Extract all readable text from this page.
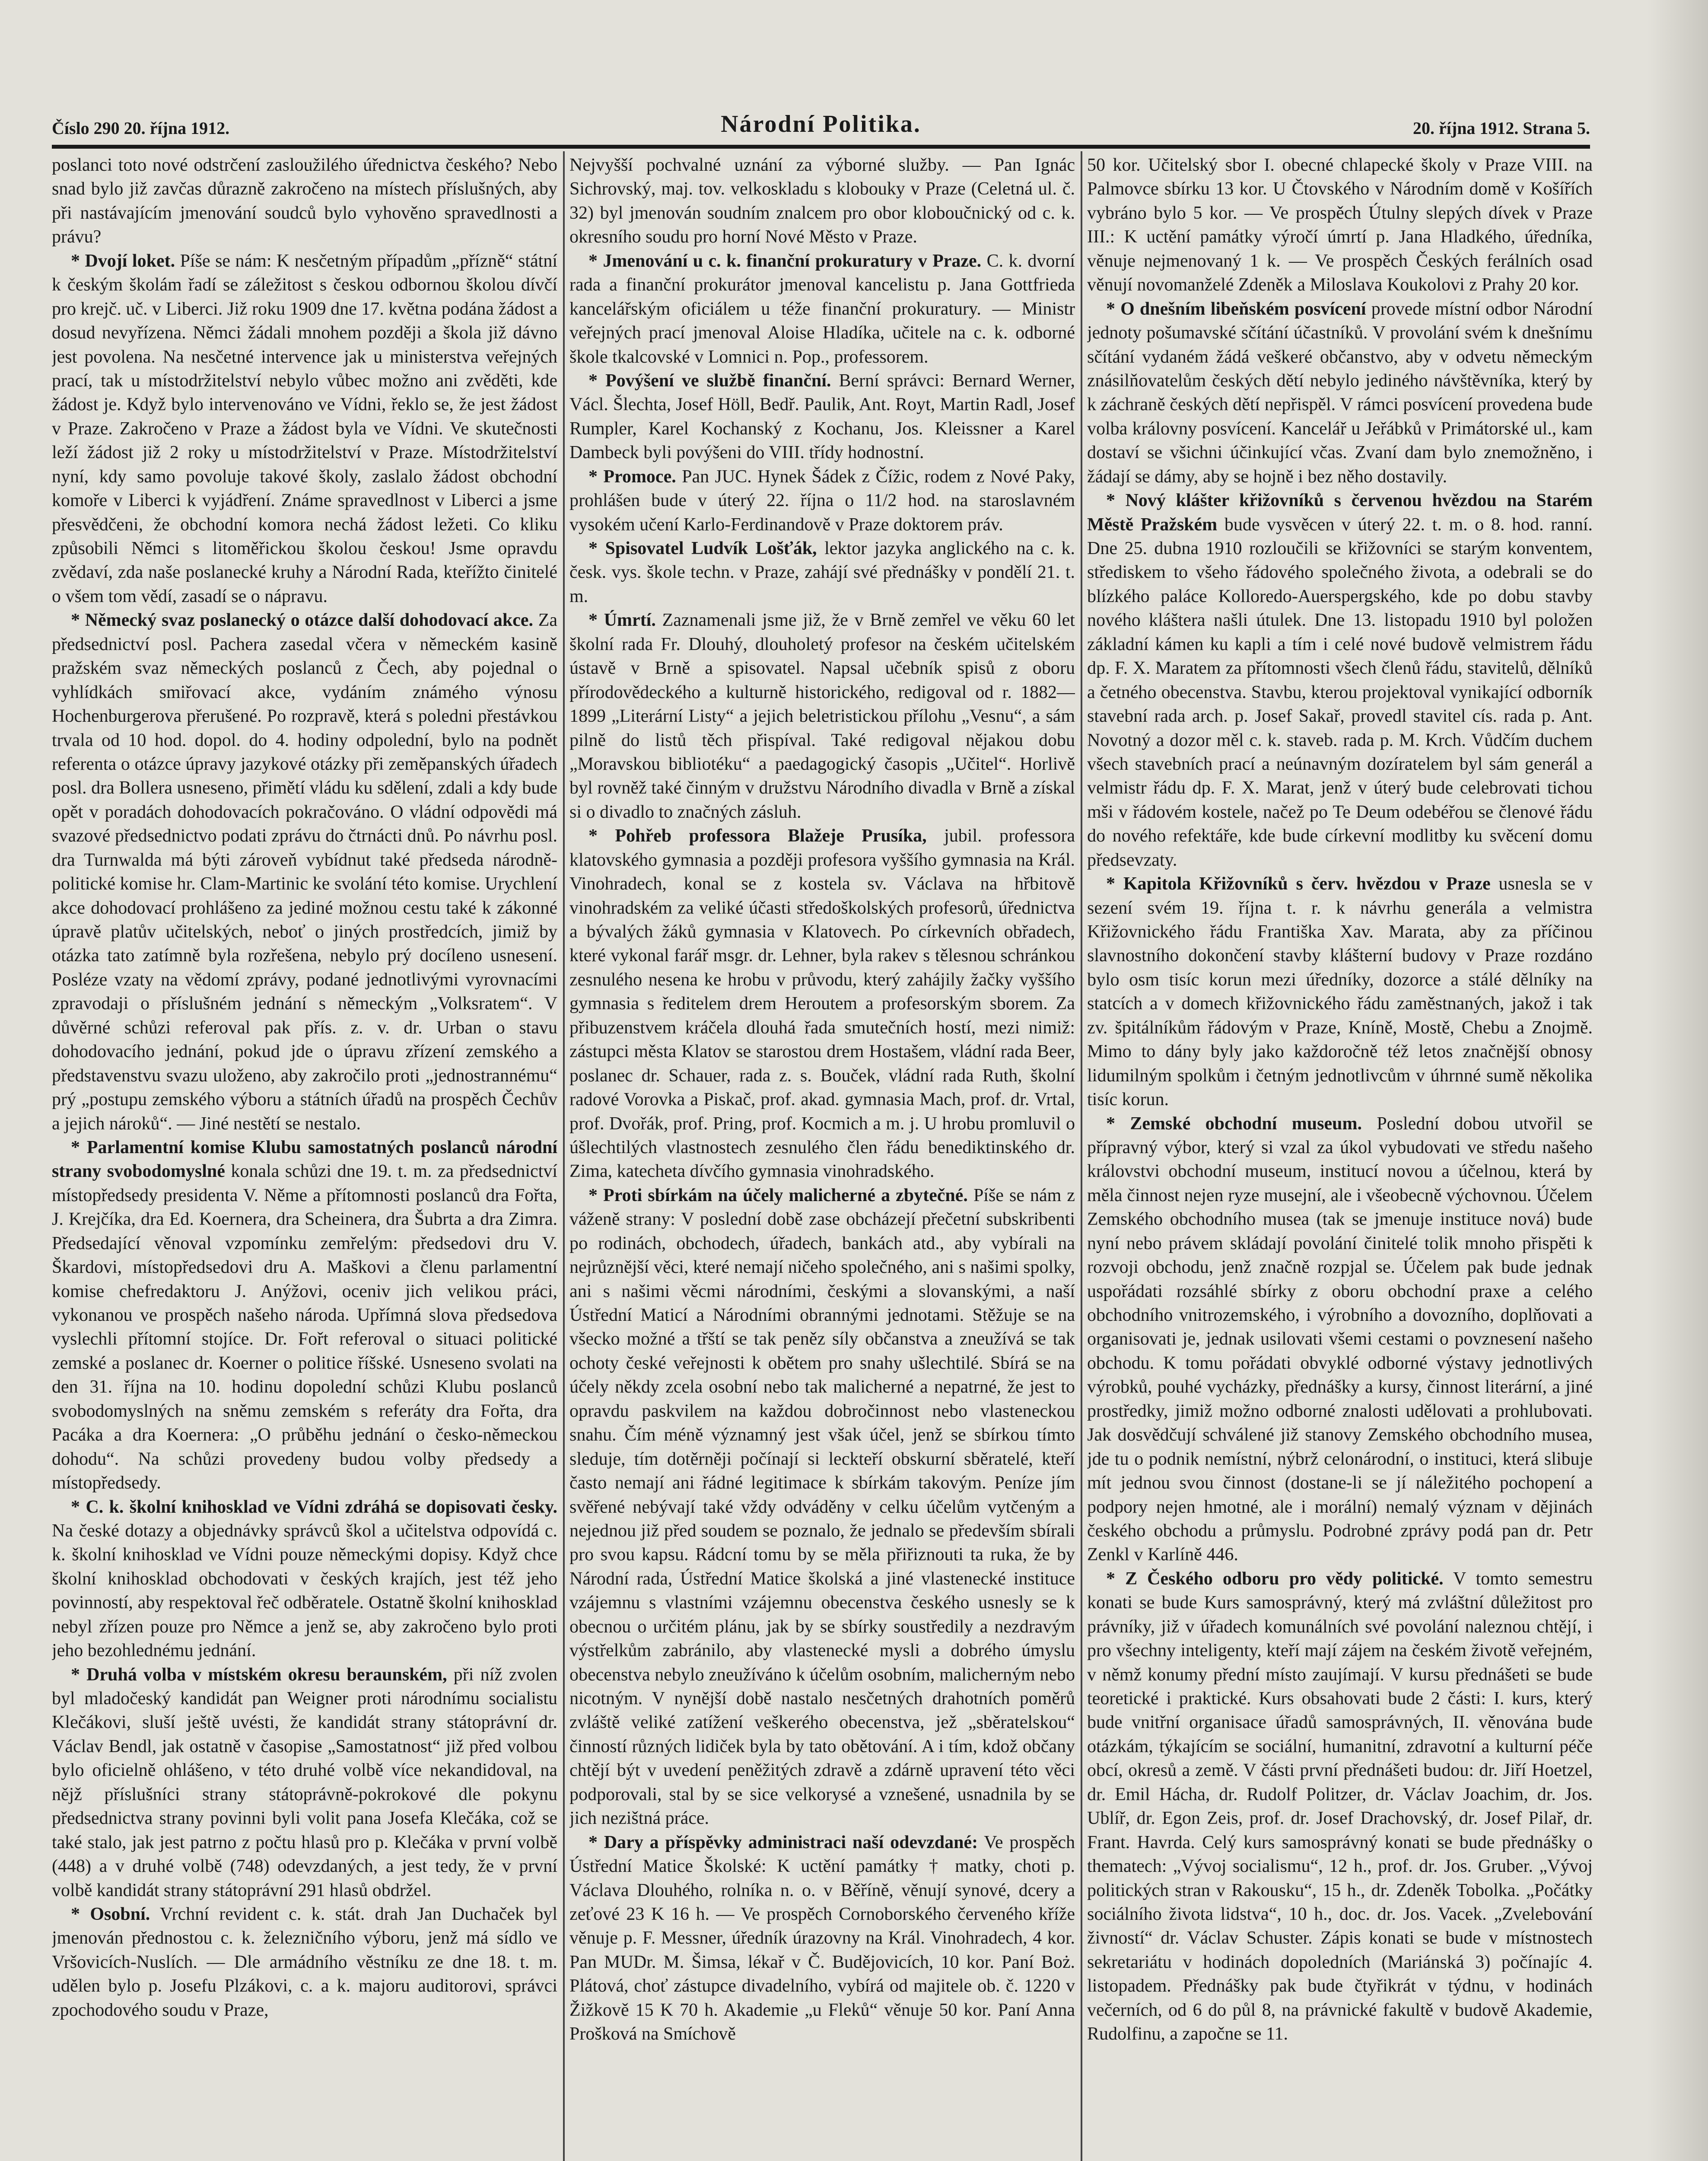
Číslo 290 20. října 1912.	Národní Politika.	20. října 1912. Strana 5.

poslanci toto nové odstrčení zasloužilého úřednictva českého? Nebo snad bylo již zavčas důrazně zakročeno na místech příslušných, aby při nastávajícím jmenování soudců bylo vyhověno spravedlnosti a právu?

* Dvojí loket. Píše se nám: K nesčetným případům „přízně“ státní k českým školám řadí se záležitost s českou odbornou školou dívčí pro krejč. uč. v Liberci. Již roku 1909 dne 17. května podána žádost a dosud nevyřízena. Němci žádali mnohem později a škola již dávno jest povolena. Na nesčetné intervence jak u ministerstva veřejných prací, tak u místodržitelství nebylo vůbec možno ani zvěděti, kde žádost je. Když bylo intervenováno ve Vídni, řeklo se, že jest žádost v Praze. Zakročeno v Praze a žádost byla ve Vídni. Ve skutečnosti leží žádost již 2 roky u místodržitelství v Praze. Místodržitelství nyní, kdy samo povoluje takové školy, zaslalo žádost obchodní komoře v Liberci k vyjádření. Známe spravedlnost v Liberci a jsme přesvědčeni, že obchodní komora nechá žádost ležeti. Co kliku způsobili Němci s litoměřickou školou českou! Jsme opravdu zvědaví, zda naše poslanecké kruhy a Národní Rada, kteřížto činitelé o všem tom vědí, zasadí se o nápravu.

* Německý svaz poslanecký o otázce další dohodovací akce. Za předsednictví posl. Pachera zasedal včera v německém kasině pražském svaz německých poslanců z Čech, aby pojednal o vyhlídkách smiřovací akce, vydáním známého výnosu Hochenburgerova přerušené. Po rozpravě, která s poledni přestávkou trvala od 10 hod. dopol. do 4. hodiny odpolední, bylo na podnět referenta o otázce úpravy jazykové otázky při zeměpanských úřadech posl. dra Bollera usneseno, přimětí vládu ku sdělení, zdali a kdy bude opět v poradách dohodovacích pokračováno. O vládní odpovědi má svazové předsednictvo podati zprávu do čtrnácti dnů. Po návrhu posl. dra Turnwalda má býti zároveň vybídnut také předseda národně-politické komise hr. Clam-Martinic ke svolání této komise. Urychlení akce dohodovací prohlášeno za jediné možnou cestu také k zákonné úpravě platův učitelských, neboť o jiných prostředcích, jimiž by otázka tato zatímně byla rozřešena, nebylo prý docíleno usnesení. Posléze vzaty na vědomí zprávy, podané jednotlivými vyrovnacími zpravodaji o příslušném jednání s německým „Volksratem“. V důvěrné schůzi referoval pak přís. z. v. dr. Urban o stavu dohodovacího jednání, pokud jde o úpravu zřízení zemského a představenstvu svazu uloženo, aby zakročilo proti „jednostrannému“ prý „postupu zemského výboru a státních úřadů na prospěch Čechův a jejich nároků“. — Jiné nestětí se nestalo.

* Parlamentní komise Klubu samostatných poslanců národní strany svobodomyslné konala schůzi dne 19. t. m. za předsednictví místopředsedy presidenta V. Něme a přítomnosti poslanců dra Fořta, J. Krejčíka, dra Ed. Koernera, dra Scheinera, dra Šubrta a dra Zimra. Předsedající věnoval vzpomínku zemřelým: předsedovi dru V. Škardovi, místopředsedovi dru A. Maškovi a členu parlamentní komise chefredaktoru J. Anýžovi, oceniv jich velikou práci, vykonanou ve prospěch našeho národa. Upřímná slova předsedova vyslechli přítomní stojíce. Dr. Fořt referoval o situaci politické zemské a poslanec dr. Koerner o politice říšské. Usneseno svolati na den 31. října na 10. hodinu dopolední schůzi Klubu poslanců svobodomyslných na sněmu zemském s referáty dra Fořta, dra Pacáka a dra Koernera: „O průběhu jednání o česko-německou dohodu“. Na schůzi provedeny budou volby předsedy a místopředsedy.

* C. k. školní knihosklad ve Vídni zdráhá se dopisovati česky. Na české dotazy a objednávky správců škol a učitelstva odpovídá c. k. školní knihosklad ve Vídni pouze německými dopisy. Když chce školní knihosklad obchodovati v českých krajích, jest též jeho povinností, aby respektoval řeč odběratele. Ostatně školní knihosklad nebyl zřízen pouze pro Němce a jenž se, aby zakročeno bylo proti jeho bezohlednému jednání.

* Druhá volba v místském okresu beraunském, při níž zvolen byl mladočeský kandidát pan Weigner proti národnímu socialistu Klečákovi, sluší ještě uvésti, že kandidát strany státoprávní dr. Václav Bendl, jak ostatně v časopise „Samostatnost“ již před volbou bylo oficielně ohlášeno, v této druhé volbě více nekandidoval, na nějž příslušníci strany státoprávně-pokrokové dle pokynu předsednictva strany povinni byli volit pana Josefa Klečáka, což se také stalo, jak jest patrno z počtu hlasů pro p. Klečáka v první volbě (448) a v druhé volbě (748) odevzdaných, a jest tedy, že v první volbě kandidát strany státoprávní 291 hlasů obdržel.

* Osobní. Vrchní revident c. k. stát. drah Jan Duchaček byl jmenován přednostou c. k. železničního výboru, jenž má sídlo ve Vršovicích-Nuslích. — Dle armádního věstníku ze dne 18. t. m. udělen bylo p. Josefu Plzákovi, c. a k. majoru auditorovi, správci zpochodového soudu v Praze,

Nejvyšší pochvalné uznání za výborné služby. — Pan Ignác Sichrovský, maj. tov. velkoskladu s kloboukу v Praze (Celetná ul. č. 32) byl jmenován soudním znalcem pro obor kloboučnický od c. k. okresního soudu pro horní Nové Město v Praze.

* Jmenování u c. k. finanční prokuratury v Praze. C. k. dvorní rada a finanční prokurátor jmenoval kancelistu p. Jana Gottfrieda kancelářským oficiálem u téže finanční prokuratury. — Ministr veřejných prací jmenoval Aloise Hladíka, učitele na c. k. odborné škole tkalcovské v Lomnici n. Pop., professorem.

* Povýšení ve službě finanční. Berní správci: Bernard Werner, Václ. Šlechta, Josef Höll, Bedř. Paulik, Ant. Royt, Martin Radl, Josef Rumpler, Karel Kochanský z Kochanu, Jos. Kleissner a Karel Dambeck byli povýšeni do VIII. třídy hodnostní.

* Promoce. Pan JUC. Hynek Šádek z Čížic, rodem z Nové Paky, prohlášen bude v úterý 22. října o 11/2 hod. na staroslavném vysokém učení Karlo-Ferdinandově v Praze doktorem práv.

* Spisovatel Ludvík Lošťák, lektor jazyka anglického na c. k. česk. vys. škole techn. v Praze, zahájí své přednášky v pondělí 21. t. m.

* Úmrtí. Zaznamenali jsme již, že v Brně zemřel ve věku 60 let školní rada Fr. Dlouhý, dlouholetý profesor na českém učitelském ústavě v Brně a spisovatel. Napsal učebník spisů z oboru přírodovědeckého a kulturně historického, redigoval od r. 1882—1899 „Literární Listy“ a jejich beletristickou přílohu „Vesnu“, a sám pilně do listů těch přispíval. Také redigoval nějakou dobu „Moravskou bibliotéku“ a paedagogický časopis „Učitel“. Horlivě byl rovněž také činným v družstvu Národního divadla v Brně a získal si o divadlo to značných zásluh.

* Pohřeb professora Blažeje Prusíka, jubil. professora klatovského gymnasia a později profesora vyššího gymnasia na Král. Vinohradech, konal se z kostela sv. Václava na hřbitově vinohradském za veliké účasti středoškolských profesorů, úřednictva a bývalých žáků gymnasia v Klatovech. Po církevních obřadech, které vykonal farář msgr. dr. Lehner, byla rakev s tělesnou schránkou zesnulého nesena ke hrobu v průvodu, který zahájily žačky vyššího gymnasia s ředitelem drem Heroutem a profesorským sborem. Za přibuzenstvem kráčela dlouhá řada smutečních hostí, mezi nimiž: zástupci města Klatov se starostou drem Hostašem, vládní rada Beer, poslanec dr. Schauer, rada z. s. Bouček, vládní rada Ruth, školní radové Vorovka a Piskač, prof. akad. gymnasia Mach, prof. dr. Vrtal, prof. Dvořák, prof. Pring, prof. Kocmich a m. j. U hrobu promluvil o úšlechtilých vlastnostech zesnulého člen řádu benediktinského dr. Zima, katecheta dívčího gymnasia vinohradského.

* Proti sbírkám na účely malicherné a zbytečné. Píše se nám z váženě strany: V poslední době zase obcházejí přečetní subskribenti po rodinách, obchodech, úřadech, bankách atd., aby vybírali na nejrůznější věci, které nemají ničeho společného, ani s našimi spolky, ani s našimi věcmi národními, českými a slovanskými, a naší Ústřední Maticí a Národními obrannými jednotami. Stěžuje se na všecko možné a třští se tak peněz síly občanstva a zneužívá se tak ochoty české veřejnosti k obětem pro snahy ušlechtilé. Sbírá se na účely někdy zcela osobní nebo tak malicherné a nepatrné, že jest to opravdu paskvilem na každou dobročinnost nebo vlasteneckou snahu. Čím méně významný jest však účel, jenž se sbírkou tímto sleduje, tím dotěrněji počínají si leckteří obskurní sběratelé, kteří často nemají ani řádné legitimace k sbírkám takovým. Peníze jím svěřené nebývají také vždy odváděny v celku účelům vytčeným a nejednou již před soudem se poznalo, že jednalo se především sbírali pro svou kapsu. Rádcní tomu by se měla přiřiznouti ta ruka, že by Národní rada, Ústřední Matice školská a jiné vlastenecké instituce vzájemnu s vlastními vzájemnu obecenstva českého usnesly se k obecnou o určitém plánu, jak by se sbírky soustředily a nezdravým výstřelkům zabránilo, aby vlastenecké mysli a dobrého úmyslu obecenstva nebylo zneužíváno k účelům osobním, malicherným nebo nicotným. V nynější době nastalo nesčetných drahotních poměrů zvláště veliké zatížení veškerého obecenstva, jež „sběratelskou“ činností různých lidiček byla by tato obětování. A i tím, kdož občany chtějí být v uvedení peněžitých zdravě a zdárně upravení této věci podporovali, stal by se sice velkorysé a vznešené, usnadnila by se jich nezištná práce.

* Dary a příspěvky administraci naší odevzdané: Ve prospěch Ústřední Matice Školské: K uctění památky † matky, choti p. Václava Dlouhého, rolníka n. o. v Běříně, věnují synové, dcery a zeťové 23 K 16 h. — Ve prospěch Cornoborského červeného kříže věnuje p. F. Messner, úředník úrazovny na Král. Vinohradech, 4 kor. Pan MUDr. M. Šimsa, lékař v Č. Budějovicích, 10 kor. Paní Boż. Plátová, choť zástupce divadelního, vybírá od majitele ob. č. 1220 v Žižkově 15 K 70 h. Akademie „u Fleků“ věnuje 50 kor. Paní Anna Prošková na Smíchově

50 kor. Učitelský sbor I. obecné chlapecké školy v Praze VIII. na Palmovce sbírku 13 kor. U Čtovského v Národním domě v Košířích vybráno bylo 5 kor. — Ve prospěch Útulny slepých dívek v Praze III.: K uctění památky výročí úmrtí p. Jana Hladkého, úředníka, věnuje nejmenovaný 1 k. — Ve prospěch Českých ferálních osad věnují novomanželé Zdeněk a Miloslava Koukolovi z Prahy 20 kor.

* O dnešním libeňském posvícení provede místní odbor Národní jednoty pošumavské sčítání účastníků. V provolání svém k dnešnímu sčítání vydaném žádá veškeré občanstvo, aby v odvetu německým znásilňovatelům českých dětí nebylo jediného návštěvníka, který by k záchraně českých dětí nepřispěl. V rámci posvícení provedena bude volba královny posvícení. Kancelář u Jeřábků v Primátorské ul., kam dostaví se všichni účinkující včas. Zvaní dam bylo znemožněno, i žádají se dámy, aby se hojně i bez něho dostavily.

* Nový klášter křižovníků s červenou hvězdou na Starém Městě Pražském bude vysvěcen v úterý 22. t. m. o 8. hod. ranní. Dne 25. dubna 1910 rozloučili se křižovníci se starým konventem, střediskem to všeho řádového společného života, a odebrali se do blízkého paláce Kolloredo-Auerspergského, kde po dobu stavby nového kláštera našli útulek. Dne 13. listopadu 1910 byl položen základní kámen ku kapli a tím i celé nové budově velmistrem řádu dp. F. X. Maratem za přítomnosti všech členů řádu, stavitelů, dělníků a četného obecenstva. Stavbu, kterou projektoval vynikající odborník stavební rada arch. p. Josef Sakař, provedl stavitel cís. rada p. Ant. Novotný a dozor měl c. k. staveb. rada p. M. Krch. Vůdčím duchem všech stavebních prací a neúnavným dozíratelem byl sám generál a velmistr řádu dp. F. X. Marat, jenž v úterý bude celebrovati tichou mši v řádovém kostele, načež po Te Deum odebéřou se členové řádu do nového refektáře, kde bude církevní modlitby ku svěcení domu předsevzaty.

* Kapitola Křižovníků s červ. hvězdou v Praze usnesla se v sezení svém 19. října t. r. k návrhu generála a velmistra Křižovnického řádu Františka Xav. Marata, aby za příčinou slavnostního dokončení stavby klášterní budovy v Praze rozdáno bylo osm tisíc korun mezi úředníky, dozorce a stálé dělníky na statcích a v domech křižovnického řádu zaměstnaných, jakož i tak zv. špitálníkům řádovým v Praze, Kníně, Mostě, Chebu a Znojmě. Mimo to dány byly jako každoročně též letos značnější obnosy lidumilným spolkům i četným jednotlivcům v úhrnné sumě několika tisíc korun.

* Zemské obchodní museum. Poslední dobou utvořil se přípravný výbor, který si vzal za úkol vybudovati ve středu našeho královstvi obchodní museum, institucí novou a účelnou, která by měla činnost nejen ryze musejní, ale i všeobecně výchovnou. Účelem Zemského obchodního musea (tak se jmenuje instituce nová) bude nyní nebo právem skládají povolání činitelé tolik mnoho přispěti k rozvoji obchodu, jenž značně rozpjal se. Účelem pak bude jednak uspořádati rozsáhlé sbírky z oboru obchodní praxe a celého obchodního vnitrozemského, i výrobního a dovozního, doplňovati a organisovati je, jednak usilovati všemi cestami o povznesení našeho obchodu. K tomu pořádati obvyklé odborné výstavy jednotlivých výrobků, pouhé vycházky, přednášky a kursy, činnost literární, a jiné prostředky, jimiž možno odborné znalosti udělovati a prohlubovati. Jak dosvědčují schválené již stanovy Zemského obchodního musea, jde tu o podnik nemístní, nýbrž celonárodní, o instituci, která slibuje mít jednou svou činnost (dostane-li se jí náležitého pochopení a podpory nejen hmotné, ale i morální) nemalý význam v dějinách českého obchodu a průmyslu. Podrobné zprávy podá pan dr. Petr Zenkl v Karlíně 446.

* Z Českého odboru pro vědy politické. V tomto semestru konati se bude Kurs samosprávný, který má zvláštní důležitost pro právníky, již v úřadech komunálních své povolání naleznou chtějí, i pro všechny inteligenty, kteří mají zájem na českém životě veřejném, v němž konumy přední místo zaujímají. V kursu přednášeti se bude teoretické i praktické. Kurs obsahovati bude 2 části: I. kurs, který bude vnitřní organisace úřadů samosprávných, II. věnována bude otázkám, týkajícím se sociální, humanitní, zdravotní a kulturní péče obcí, okresů a země. V části první přednášeti budou: dr. Jiří Hoetzel, dr. Emil Hácha, dr. Rudolf Politzer, dr. Václav Joachim, dr. Jos. Ublíř, dr. Egon Zeis, prof. dr. Josef Drachovský, dr. Josef Pilař, dr. Frant. Havrda. Celý kurs samosprávný konati se bude přednášky o thematech: „Vývoj socialismu“, 12 h., prof. dr. Jos. Gruber. „Vývoj politických stran v Rakousku“, 15 h., dr. Zdeněk Tobolka. „Počátky sociálního života lidstva“, 10 h., doc. dr. Jos. Vacek. „Zvelebování živností“ dr. Václav Schuster. Zápis konati se bude v místnostech sekretariátu v hodinách dopoledních (Mariánská 3) počínajíc 4. listopadem. Přednášky pak bude čtyřikrát v týdnu, v hodinách večerních, od 6 do půl 8, na právnické fakultě v budově Akademie, Rudolfinu, a započne se 11.
